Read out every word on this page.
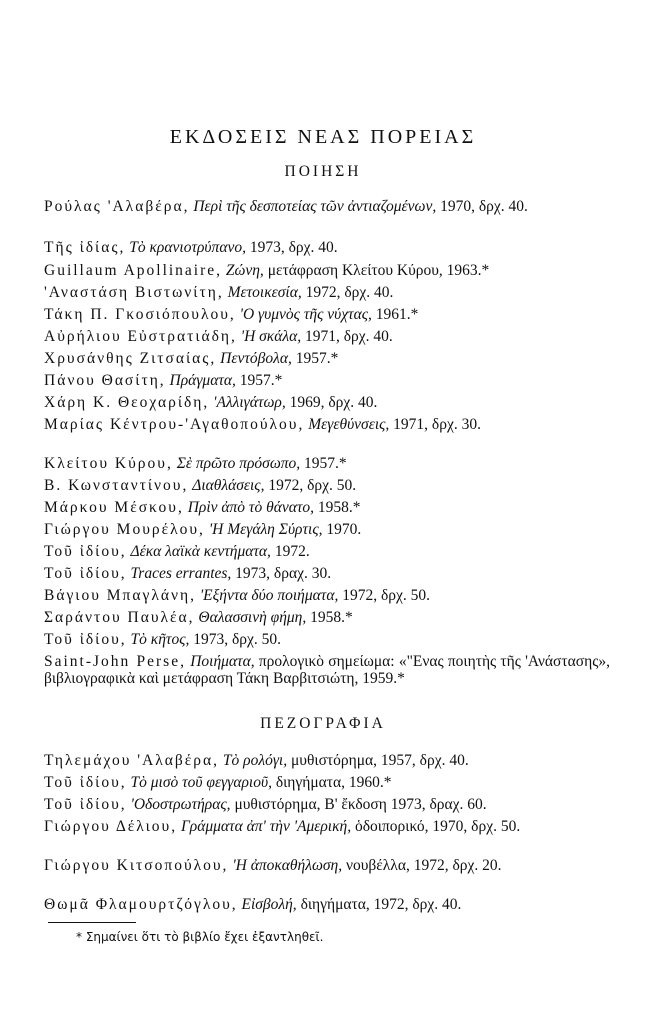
ΕΚΔΟΣΕΙΣ ΝΕΑΣ ΠΟΡΕΙΑΣ
ΠΟΙΗΣΗ
Ρούλας 'Αλαβέρα, Περὶ τῆς δεσποτείας τῶν ἀντιαζομένων, 1970, δρχ. 40.
Τῆς ἰδίας, Τὸ κρανιοτρύπανο, 1973, δρχ. 40.
Guillaum Apollinaire, Ζώνη, μετάφραση Κλείτου Κύρου, 1963.*
'Αναστάση Βιστωνίτη, Μετοικεσία, 1972, δρχ. 40.
Τάκη Π. Γκοσιόπουλου, 'Ο γυμνὸς τῆς νύχτας, 1961.*
Αὐρήλιου Εὐστρατιάδη, 'Η σκάλα, 1971, δρχ. 40.
Χρυσάνθης Ζιτσαίας, Πεντόβολα, 1957.*
Πάνου Θασίτη, Πράγματα, 1957.*
Χάρη Κ. Θεοχαρίδη, 'Αλλιγάτωρ, 1969, δρχ. 40.
Μαρίας Κέντρου-'Αγαθοπούλου, Μεγεθύνσεις, 1971, δρχ. 30.
Κλείτου Κύρου, Σὲ πρῶτο πρόσωπο, 1957.*
Β. Κωνσταντίνου, Διαθλάσεις, 1972, δρχ. 50.
Μάρκου Μέσκου, Πρὶν ἀπὸ τὸ θάνατο, 1958.*
Γιώργου Μουρέλου, 'Η Μεγάλη Σύρτις, 1970.
Τοῦ ἰδίου, Δέκα λαϊκὰ κεντήματα, 1972.
Τοῦ ἰδίου, Traces errantes, 1973, δραχ. 30.
Βάγιου Μπαγλάνη, 'Εξήντα δύο ποιήματα, 1972, δρχ. 50.
Σαράντου Παυλέα, Θαλασσινὴ φήμη, 1958.*
Τοῦ ἰδίου, Τὸ κῆτος, 1973, δρχ. 50.
Saint-John Perse, Ποιήματα, προλογικὸ σημείωμα: «"Ενας ποιητὴς τῆς 'Ανάστασης», βιβλιογραφικὰ καὶ μετάφραση Τάκη Βαρβιτσιώτη, 1959.*
ΠΕΖΟΓΡΑΦΙΑ
Τηλεμάχου 'Αλαβέρα, Τὸ ρολόγι, μυθιστόρημα, 1957, δρχ. 40.
Τοῦ ἰδίου, Τὸ μισὸ τοῦ φεγγαριοῦ, διηγήματα, 1960.*
Τοῦ ἰδίου, 'Οδοστρωτήρας, μυθιστόρημα, Β' ἔκδοση 1973, δραχ. 60.
Γιώργου Δέλιου, Γράμματα ἀπ' τὴν 'Αμερική, ὁδοιπορικό, 1970, δρχ. 50.
Γιώργου Κιτσοπούλου, 'Η ἀποκαθήλωση, νουβέλλα, 1972, δρχ. 20.
Θωμᾶ Φλαμουρτζόγλου, Εἰσβολή, διηγήματα, 1972, δρχ. 40.
* Σημαίνει ὅτι τὸ βιβλίο ἔχει ἐξαντληθεῖ.
